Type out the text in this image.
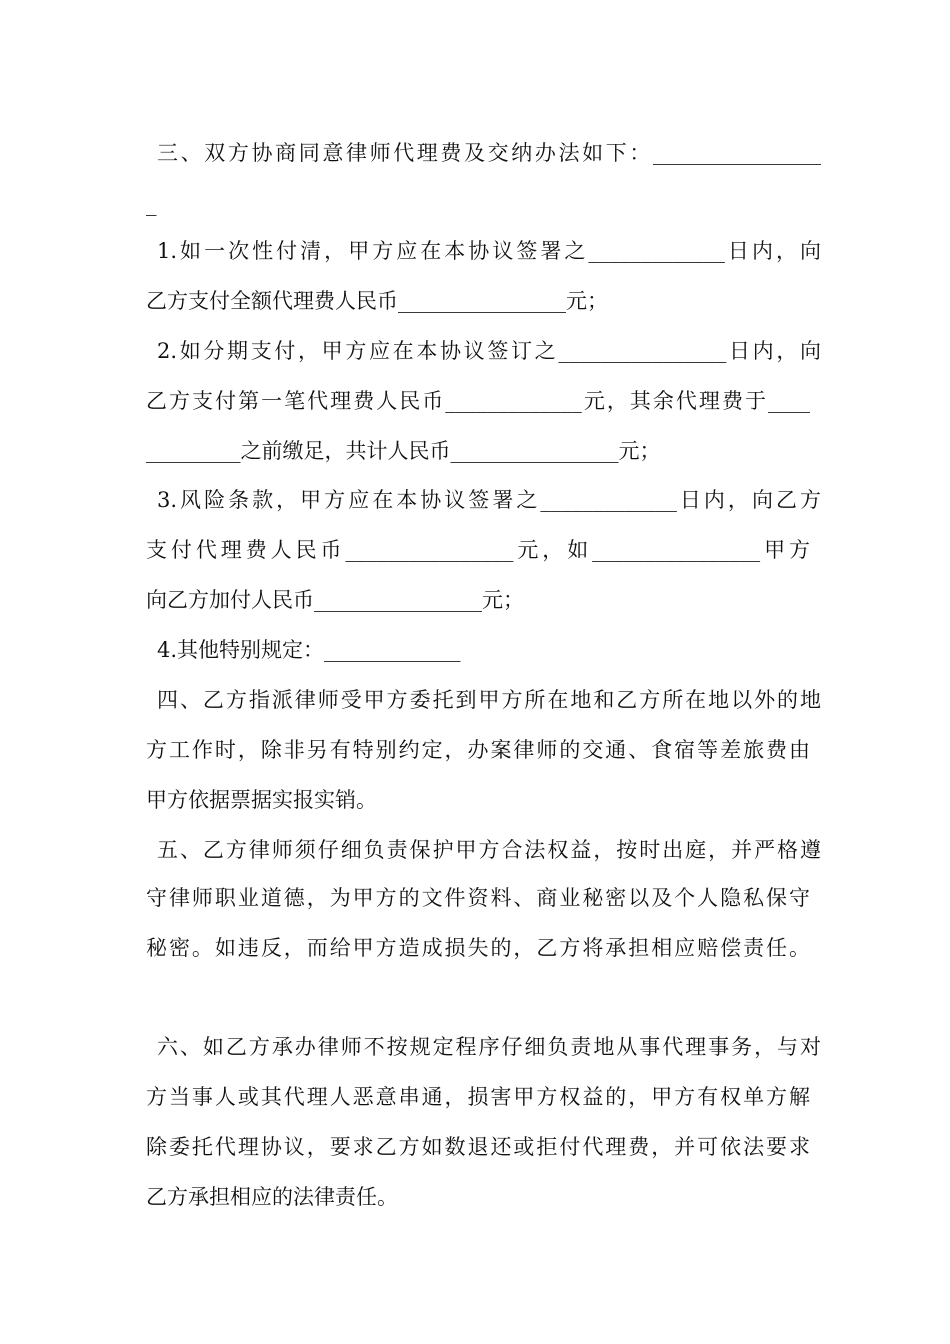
三、双方协商同意律师代理费及交纳办法如下：________________
_
1.如一次性付清，甲方应在本协议签署之_____________日内，向
乙方支付全额代理费人民币________________元；
2.如分期支付，甲方应在本协议签订之________________日内，向
乙方支付第一笔代理费人民币_____________元，其余代理费于____
_________之前缴足，共计人民币________________元；
3.风险条款，甲方应在本协议签署之_____________日内，向乙方
支付代理费人民币________________元，如________________甲方
向乙方加付人民币________________元；
4.其他特别规定：_____________
四、乙方指派律师受甲方委托到甲方所在地和乙方所在地以外的地
方工作时，除非另有特别约定，办案律师的交通、食宿等差旅费由
甲方依据票据实报实销。
五、乙方律师须仔细负责保护甲方合法权益，按时出庭，并严格遵
守律师职业道德，为甲方的文件资料、商业秘密以及个人隐私保守
秘密。如违反，而给甲方造成损失的，乙方将承担相应赔偿责任。
六、如乙方承办律师不按规定程序仔细负责地从事代理事务，与对
方当事人或其代理人恶意串通，损害甲方权益的，甲方有权单方解
除委托代理协议，要求乙方如数退还或拒付代理费，并可依法要求
乙方承担相应的法律责任。
